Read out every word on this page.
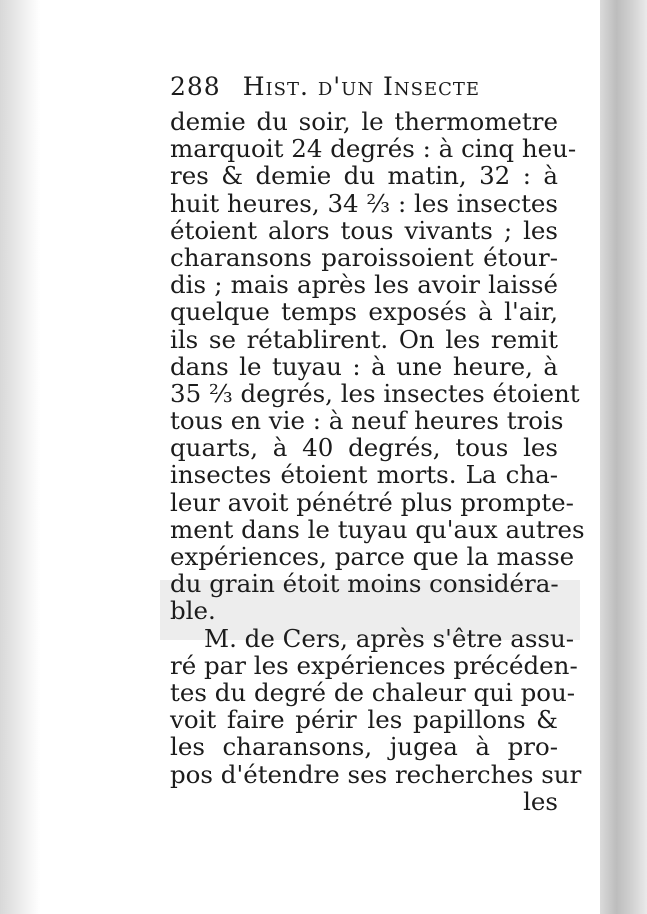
288 Hist. d'un Insecte
demie du soir, le thermometre
marquoit 24 degrés : à cinq heu-
res & demie du matin, 32 : à
huit heures, 34 ⅔ : les insectes
étoient alors tous vivants ; les
charansons paroissoient étour-
dis ; mais après les avoir laissé
quelque temps exposés à l'air,
ils se rétablirent. On les remit
dans le tuyau : à une heure, à
35 ⅔ degrés, les insectes étoient
tous en vie : à neuf heures trois
quarts, à 40 degrés, tous les
insectes étoient morts. La cha-
leur avoit pénétré plus prompte-
ment dans le tuyau qu'aux autres
expériences, parce que la masse
du grain étoit moins considéra-
ble.
M. de Cers, après s'être assu-
ré par les expériences précéden-
tes du degré de chaleur qui pou-
voit faire périr les papillons &
les charansons, jugea à pro-
pos d'étendre ses recherches sur
les
